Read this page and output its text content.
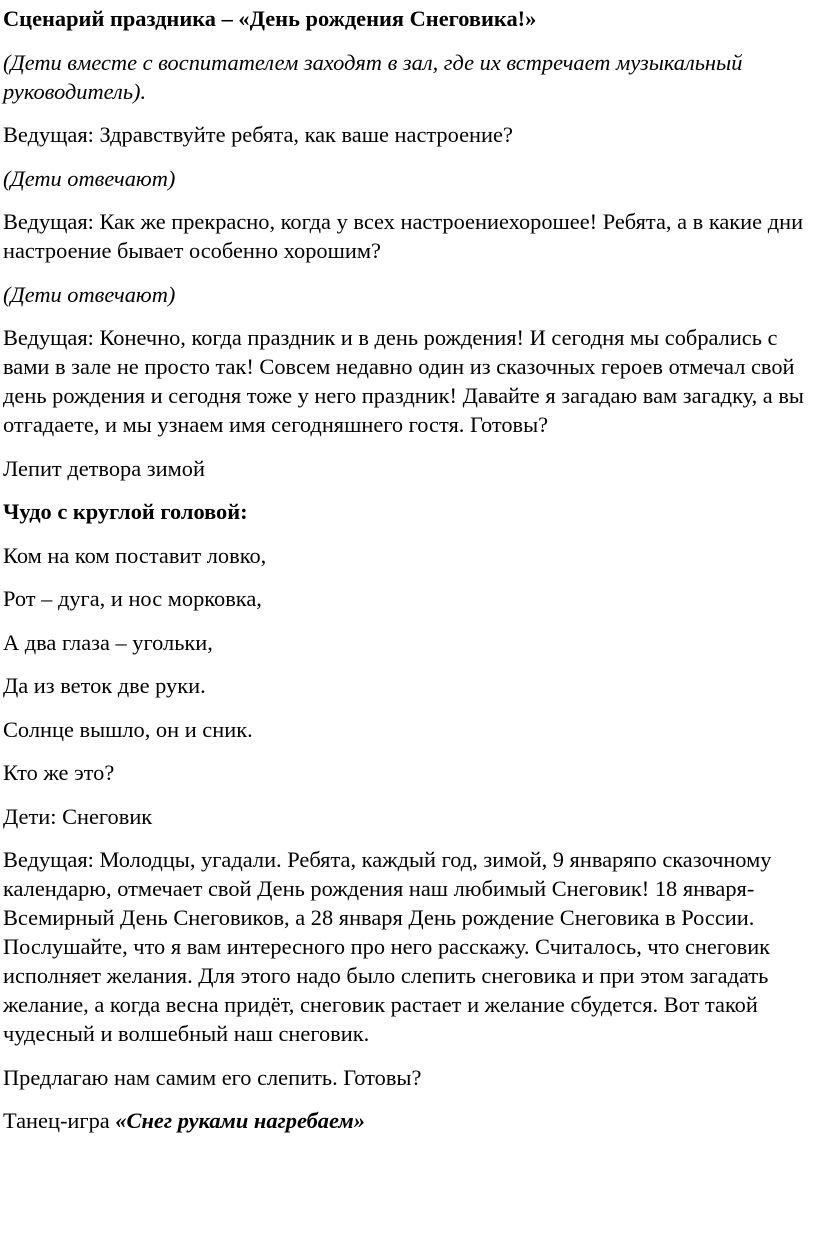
Сценарий праздника – «День рождения Снеговика!»

(Дети вместе с воспитателем заходят в зал, где их встречает музыкальный руководитель).

Ведущая: Здравствуйте ребята, как ваше настроение?

(Дети отвечают)

Ведущая: Как же прекрасно, когда у всех настроениехорошее! Ребята, а в какие дни настроение бывает особенно хорошим?

(Дети отвечают)

Ведущая: Конечно, когда праздник и в день рождения! И сегодня мы собрались с вами в зале не просто так! Совсем недавно один из сказочных героев отмечал свой день рождения и сегодня тоже у него праздник! Давайте я загадаю вам загадку, а вы отгадаете, и мы узнаем имя сегодняшнего гостя. Готовы?

Лепит детвора зимой

Чудо с круглой головой:

Ком на ком поставит ловко,

Рот – дуга, и нос морковка,

А два глаза – угольки,

Да из веток две руки.

Солнце вышло, он и сник.

Кто же это?

Дети: Снеговик

Ведущая: Молодцы, угадали. Ребята, каждый год, зимой, 9 январяпо сказочному календарю, отмечает свой День рождения наш любимый Снеговик! 18 января-Всемирный День Снеговиков, а 28 января День рождение Снеговика в России. Послушайте, что я вам интересного про него расскажу. Считалось, что снеговик исполняет желания. Для этого надо было слепить снеговика и при этом загадать желание, а когда весна придёт, снеговик растает и желание сбудется. Вот такой чудесный и волшебный наш снеговик.

Предлагаю нам самим его слепить. Готовы?

Танец-игра «Снег руками нагребаем»
